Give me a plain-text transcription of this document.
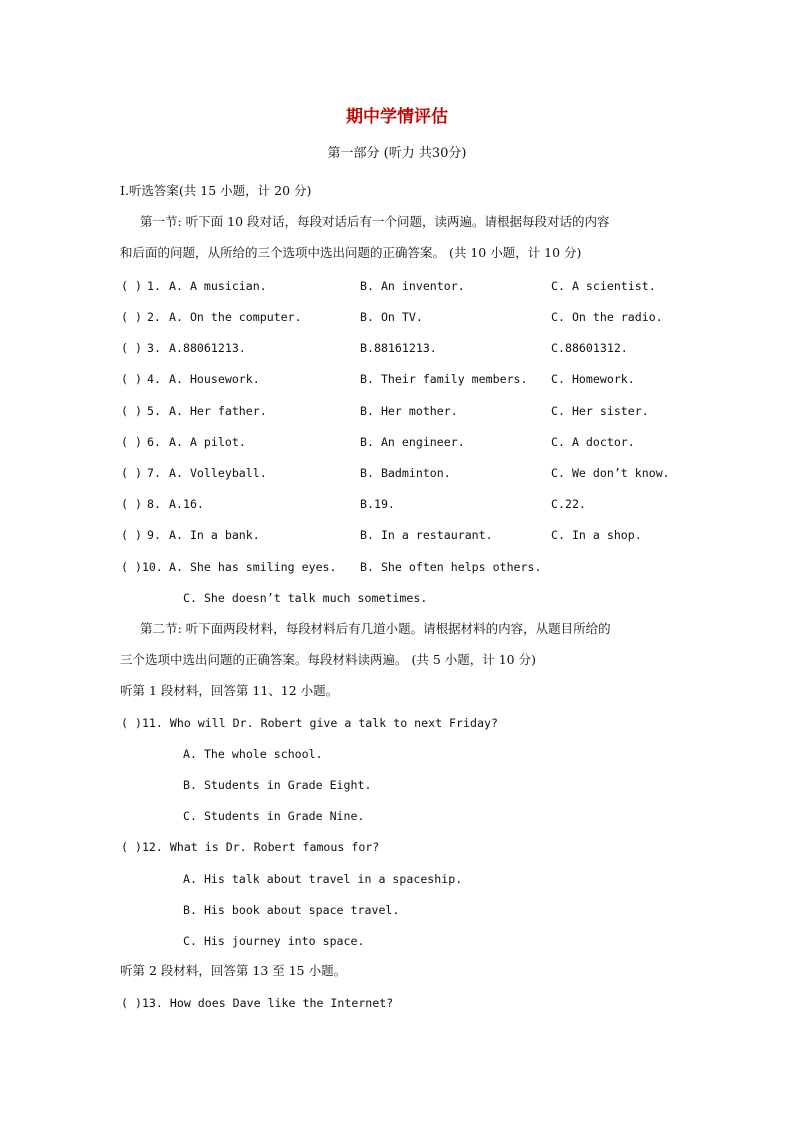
期中学情评估
第一部分 (听力 共30分)
Ⅰ.听选答案(共 15 小题，计 20 分)
第一节: 听下面 10 段对话，每段对话后有一个问题，读两遍。请根据每段对话的内容
和后面的问题，从所给的三个选项中选出问题的正确答案。 (共 10 小题，计 10 分)
( ) 1. A. A musician.	B. An inventor.	C. A scientist.
( ) 2. A. On the computer.	B. On TV.	C. On the radio.
( ) 3. A.88061213.	B.88161213.	C.88601312.
( ) 4. A. Housework.	B. Their family members. C. Homework.
( ) 5. A. Her father.	B. Her mother.	C. Her sister.
( ) 6. A. A pilot.	B. An engineer.	C. A doctor.
( ) 7. A. Volleyball.	B. Badminton.	C. We don’t know.
( ) 8. A.16.	B.19.	C.22.
( ) 9. A. In a bank.	B. In a restaurant.	C. In a shop.
( )10. A. She has smiling eyes. B. She often helps others.
C. She doesn’t talk much sometimes.
第二节: 听下面两段材料，每段材料后有几道小题。请根据材料的内容，从题目所给的
三个选项中选出问题的正确答案。每段材料读两遍。 (共 5 小题，计 10 分)
听第 1 段材料，回答第 11、12 小题。
( )11. Who will Dr. Robert give a talk to next Friday?
A. The whole school.
B. Students in Grade Eight.
C. Students in Grade Nine.
( )12. What is Dr. Robert famous for?
A. His talk about travel in a spaceship.
B. His book about space travel.
C. His journey into space.
听第 2 段材料，回答第 13 至 15 小题。
( )13. How does Dave like the Internet?
